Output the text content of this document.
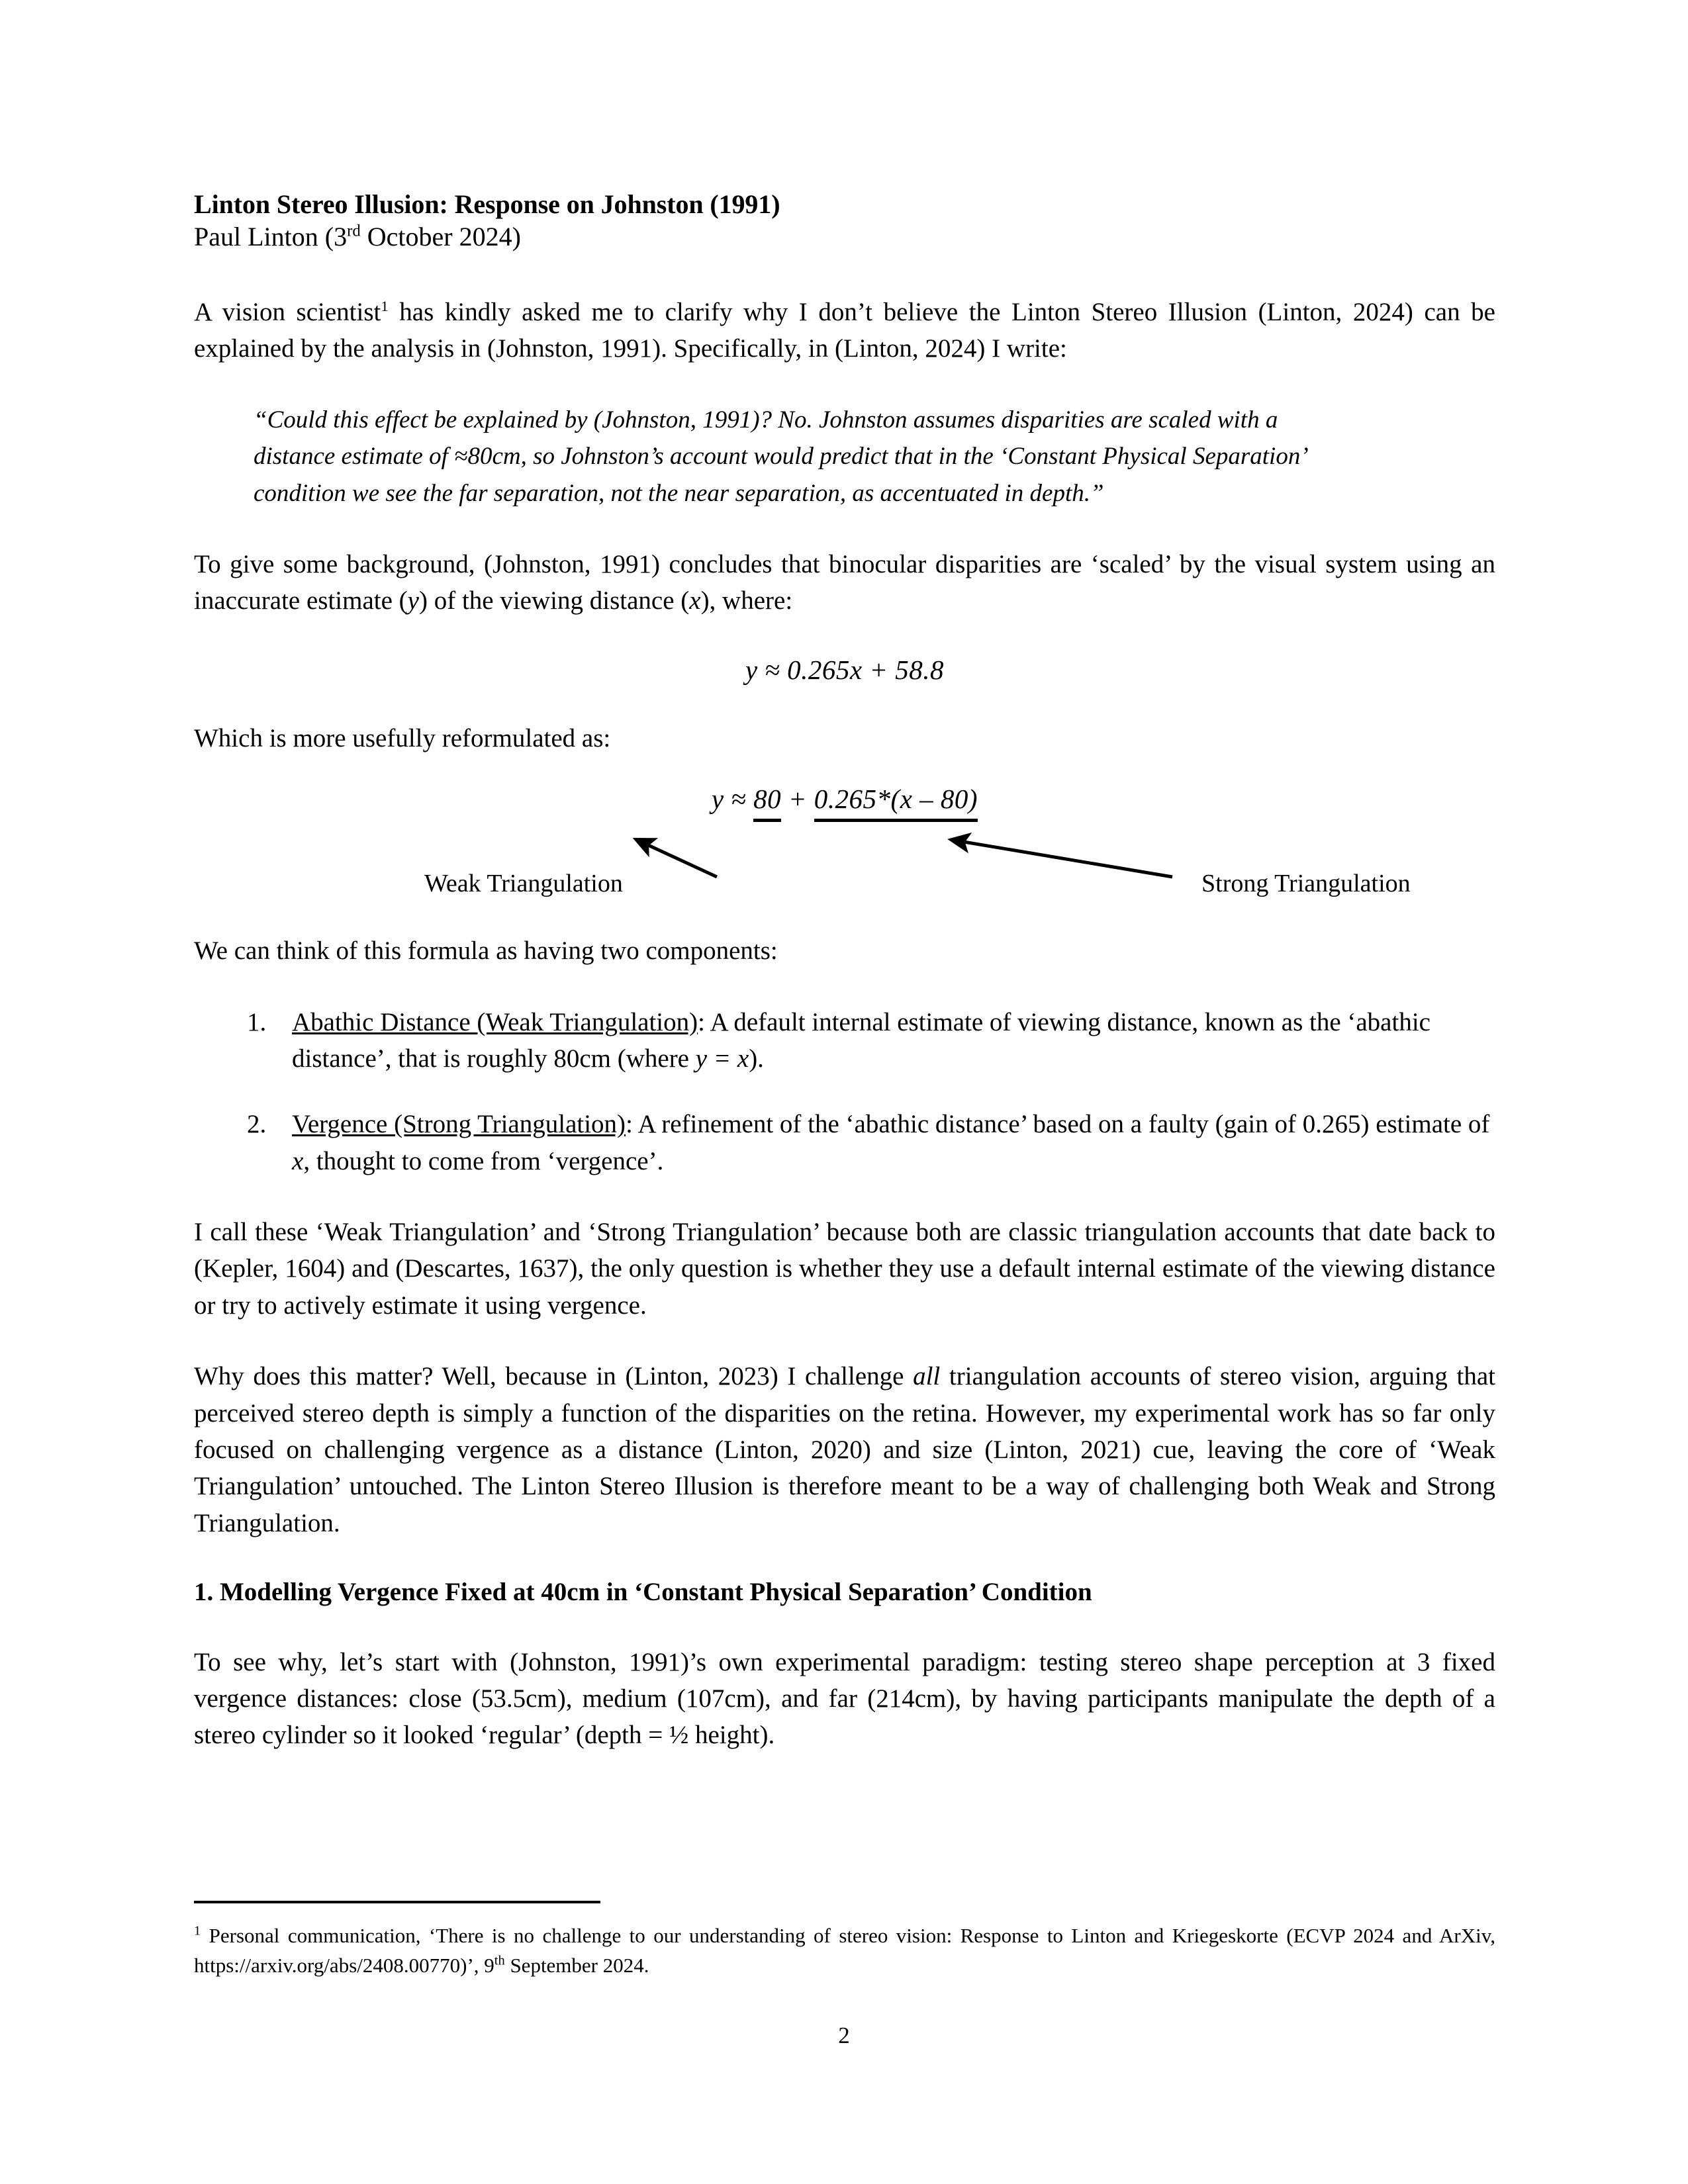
Linton Stereo Illusion: Response on Johnston (1991)
Paul Linton (3rd October 2024)

A vision scientist$^1$ has kindly asked me to clarify why I don’t believe the Linton Stereo Illusion (Linton, 2024) can be explained by the analysis in (Johnston, 1991). Specifically, in (Linton, 2024) I write:

“Could this effect be explained by (Johnston, 1991)? No. Johnston assumes disparities are scaled with a
distance estimate of ≈80cm, so Johnston’s account would predict that in the ‘Constant Physical Separation’
condition we see the far separation, not the near separation, as accentuated in depth.”

To give some background, (Johnston, 1991) concludes that binocular disparities are ‘scaled’ by the visual system using an inaccurate estimate (y) of the viewing distance (x), where:

y ≈ 0.265x + 58.8

Which is more usefully reformulated as:

y ≈ 80 + 0.265*(x – 80)
Weak Triangulation	Strong Triangulation

We can think of this formula as having two components:

Abathic Distance (Weak Triangulation): A default internal estimate of viewing distance, known as the ‘abathic distance’, that is roughly 80cm (where y = x).
Vergence (Strong Triangulation): A refinement of the ‘abathic distance’ based on a faulty (gain of 0.265) estimate of x, thought to come from ‘vergence’.

I call these ‘Weak Triangulation’ and ‘Strong Triangulation’ because both are classic triangulation accounts that date back to (Kepler, 1604) and (Descartes, 1637), the only question is whether they use a default internal estimate of the viewing distance or try to actively estimate it using vergence.

Why does this matter? Well, because in (Linton, 2023) I challenge all triangulation accounts of stereo vision, arguing that perceived stereo depth is simply a function of the disparities on the retina. However, my experimental work has so far only focused on challenging vergence as a distance (Linton, 2020) and size (Linton, 2021) cue, leaving the core of ‘Weak Triangulation’ untouched. The Linton Stereo Illusion is therefore meant to be a way of challenging both Weak and Strong Triangulation.

1. Modelling Vergence Fixed at 40cm in ‘Constant Physical Separation’ Condition

To see why, let’s start with (Johnston, 1991)’s own experimental paradigm: testing stereo shape perception at 3 fixed vergence distances: close (53.5cm), medium (107cm), and far (214cm), by having participants manipulate the depth of a stereo cylinder so it looked ‘regular’ (depth = ½ height).

$^1$ Personal communication, ‘There is no challenge to our understanding of stereo vision: Response to Linton and Kriegeskorte (ECVP 2024 and ArXiv, https://arxiv.org/abs/2408.00770)’, 9th September 2024.

2
